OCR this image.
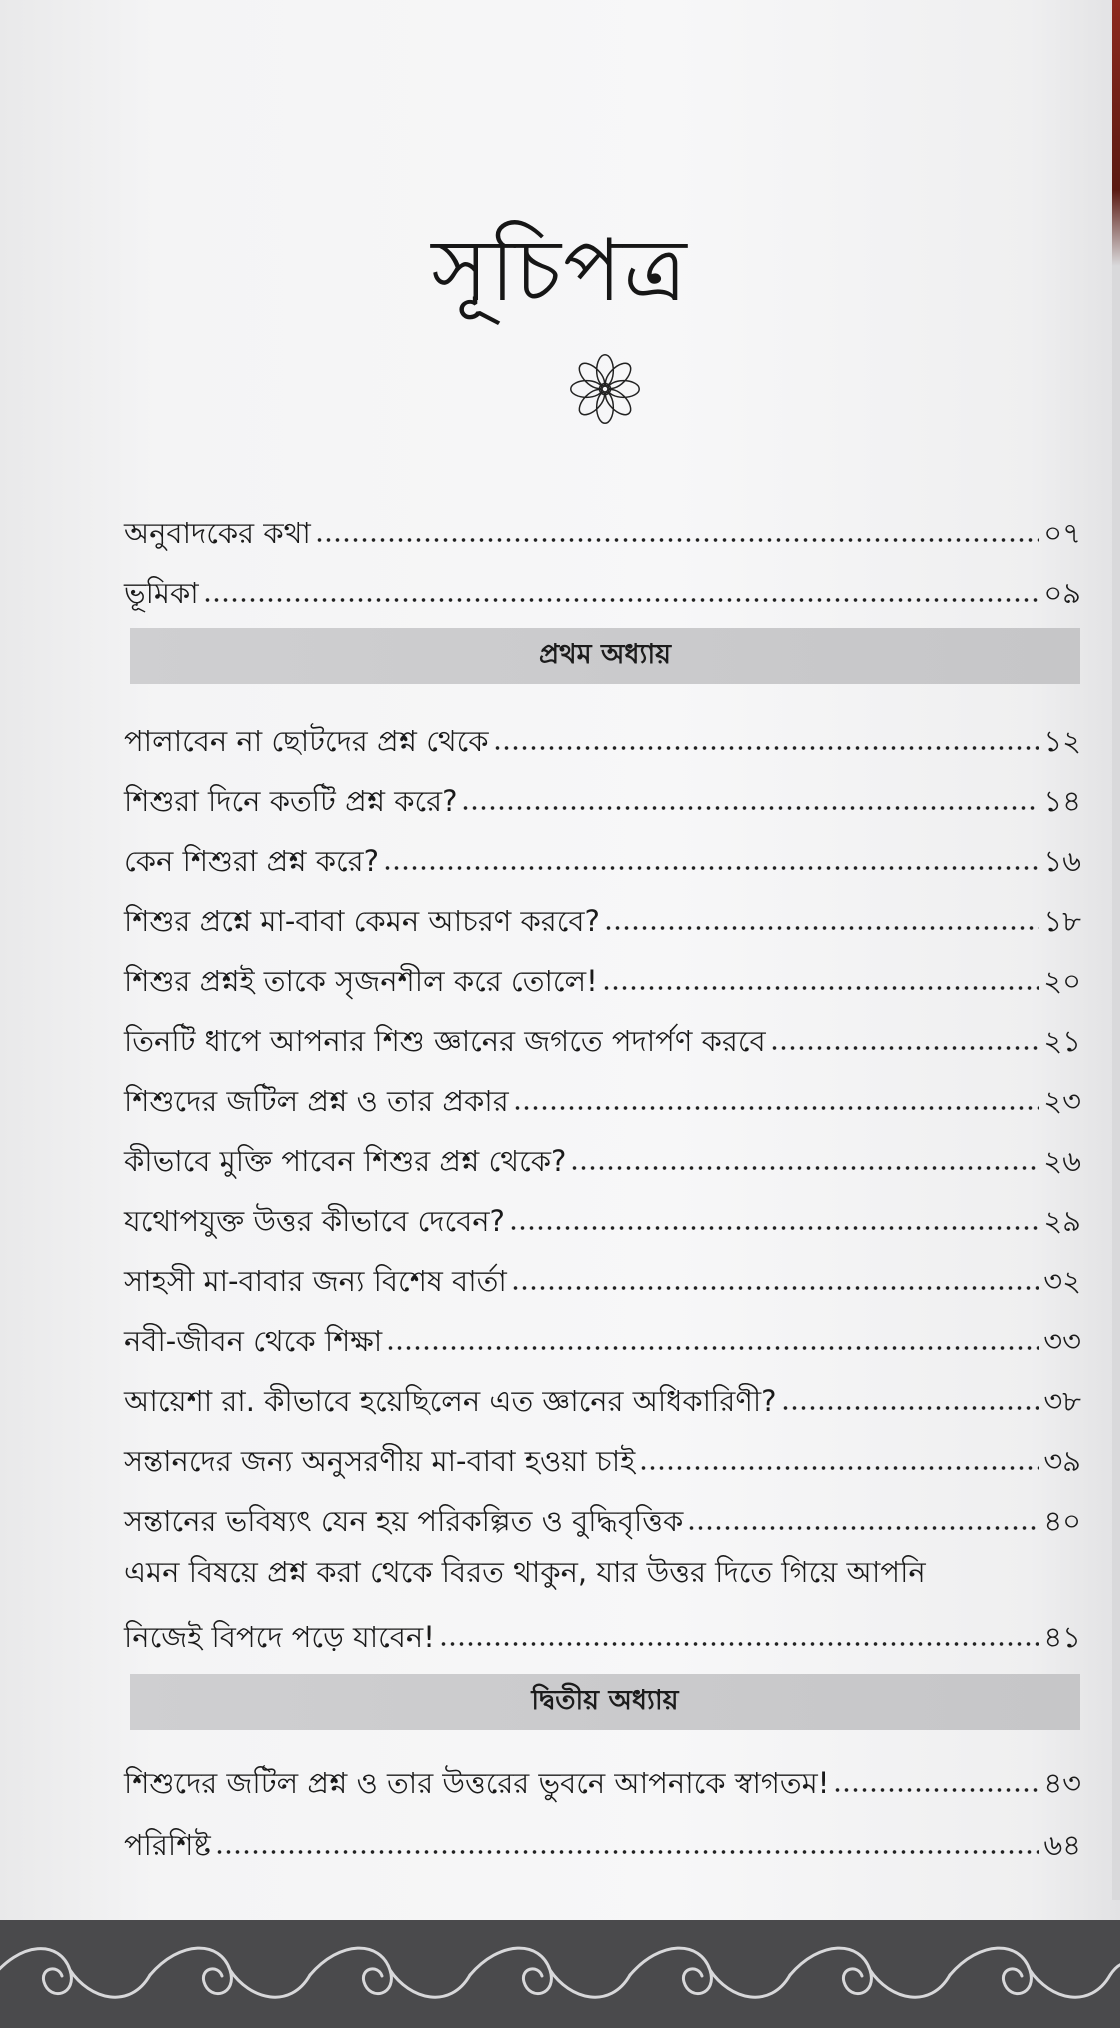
সূচিপত্র
অনুবাদকের কথা	০৭
ভূমিকা	০৯
পালাবেন না ছোটদের প্রশ্ন থেকে	১২
শিশুরা দিনে কতটি প্রশ্ন করে?	১৪
কেন শিশুরা প্রশ্ন করে?	১৬
শিশুর প্রশ্নে মা-বাবা কেমন আচরণ করবে?	১৮
শিশুর প্রশ্নই তাকে সৃজনশীল করে তোলে!	২০
তিনটি ধাপে আপনার শিশু জ্ঞানের জগতে পদার্পণ করবে	২১
শিশুদের জটিল প্রশ্ন ও তার প্রকার	২৩
কীভাবে মুক্তি পাবেন শিশুর প্রশ্ন থেকে?	২৬
যথোপযুক্ত উত্তর কীভাবে দেবেন?	২৯
সাহসী মা-বাবার জন্য বিশেষ বার্তা	৩২
নবী-জীবন থেকে শিক্ষা	৩৩
আয়েশা রা. কীভাবে হয়েছিলেন এত জ্ঞানের অধিকারিণী?	৩৮
সন্তানদের জন্য অনুসরণীয় মা-বাবা হওয়া চাই	৩৯
সন্তানের ভবিষ্যৎ যেন হয় পরিকল্পিত ও বুদ্ধিবৃত্তিক	৪০
এমন বিষয়ে প্রশ্ন করা থেকে বিরত থাকুন, যার উত্তর দিতে গিয়ে আপনি
নিজেই বিপদে পড়ে যাবেন!	৪১
শিশুদের জটিল প্রশ্ন ও তার উত্তরের ভুবনে আপনাকে স্বাগতম!	৪৩
পরিশিষ্ট	৬৪
প্রথম অধ্যায়
দ্বিতীয় অধ্যায়
